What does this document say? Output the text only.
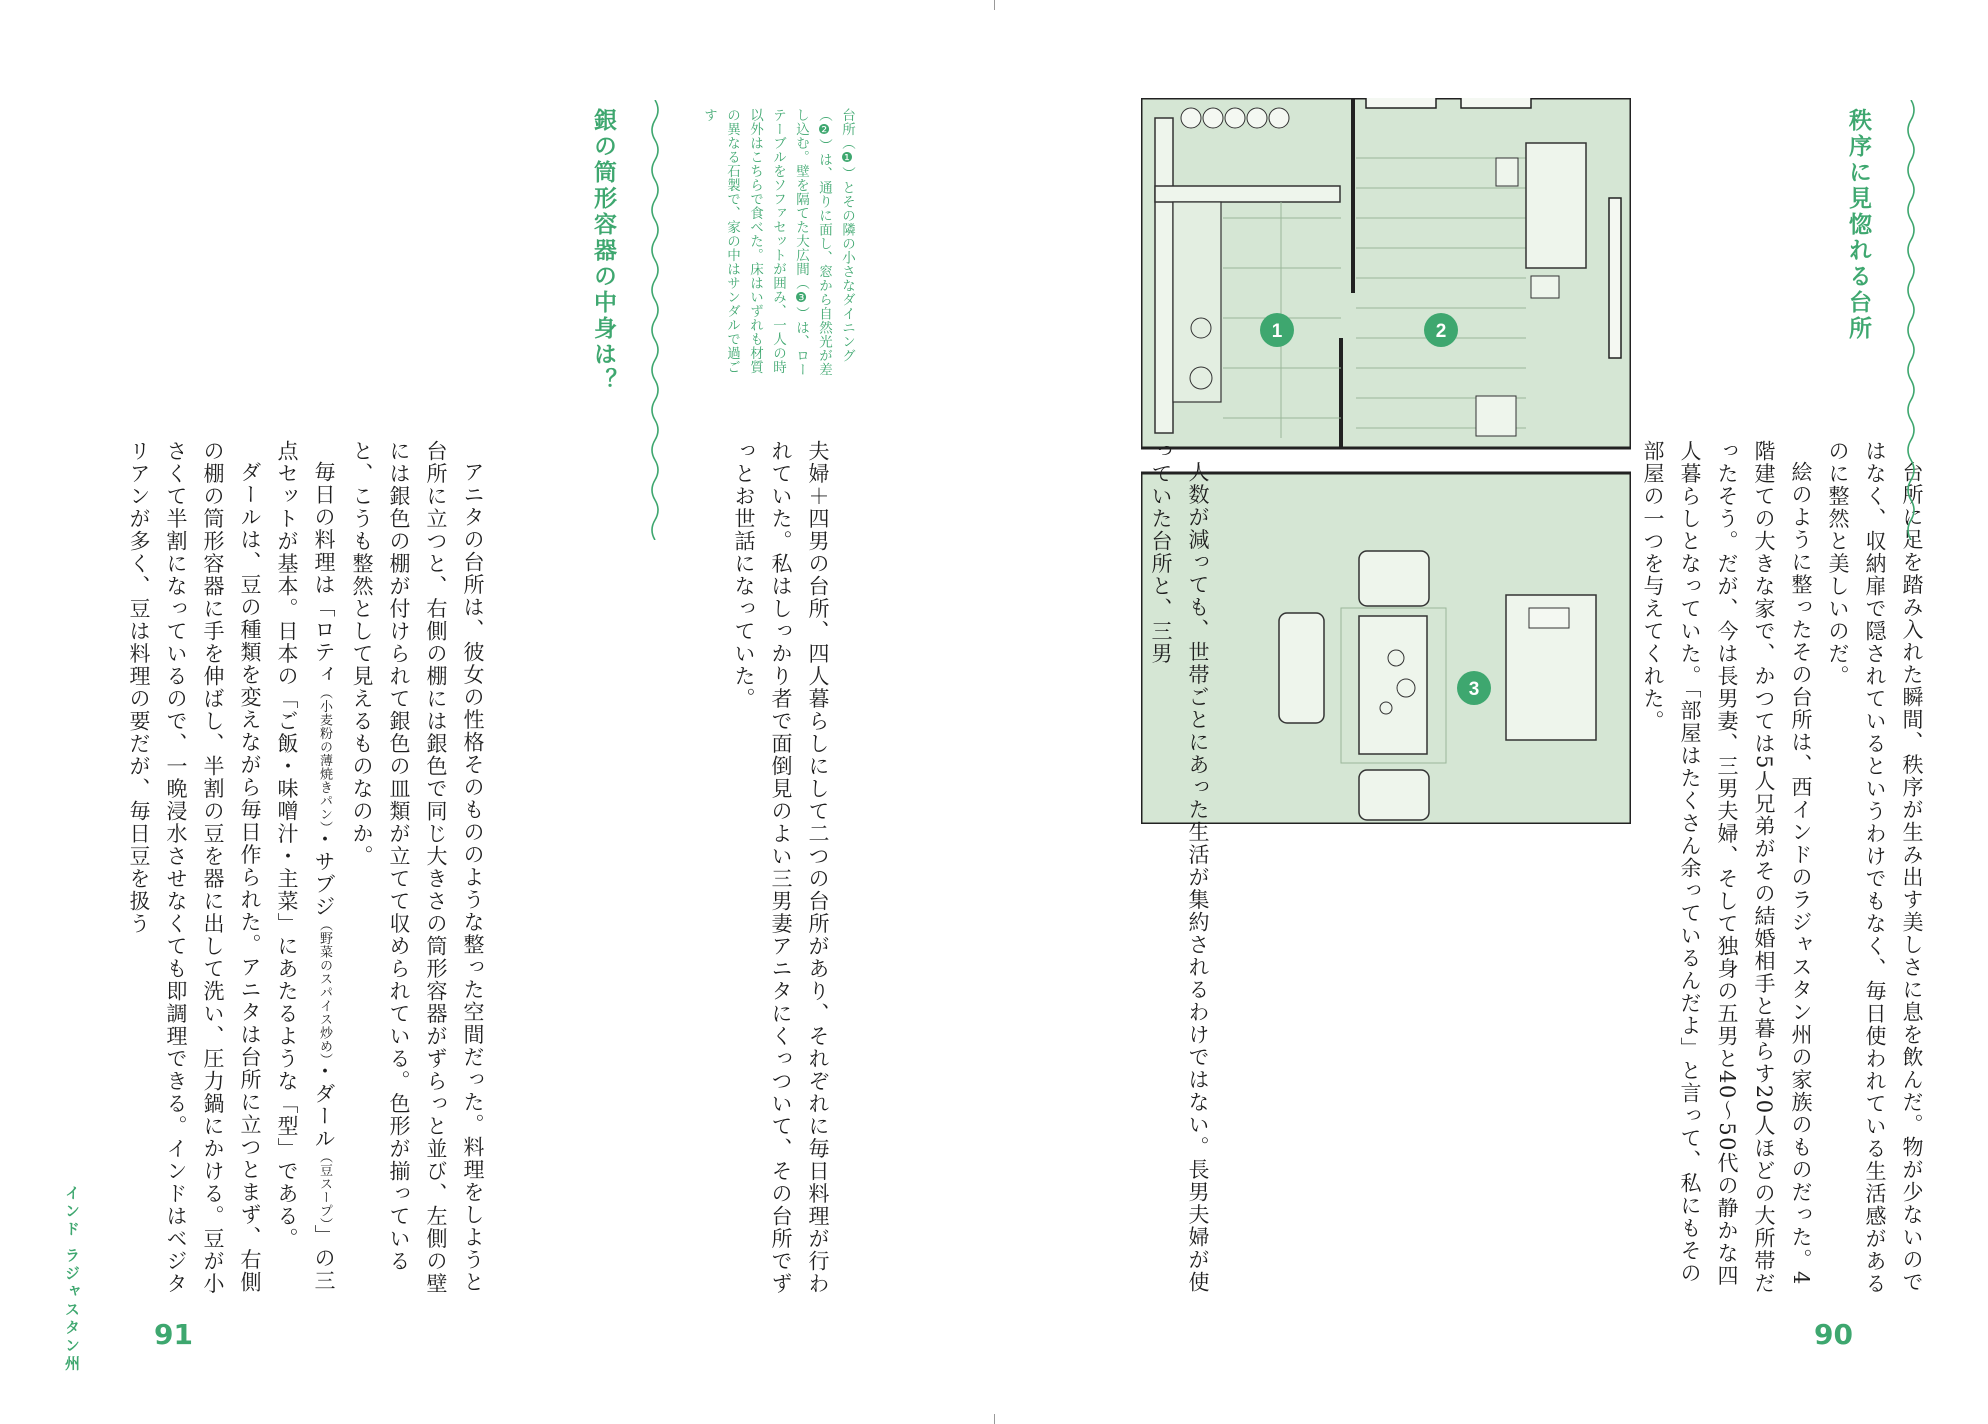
銀の筒形容器の中身は？	台所（❶）とその隣の小さなダイニング（❷）は、通りに面し、窓から自然光が差し込む。壁を隔てた大広間（❸）は、ローテーブルをソファセットが囲み、一人の時以外はこちらで食べた。床はいずれも材質の異なる石製で、家の中はサンダルで過ごす

夫婦＋四男の台所、四人暮らしにして二つの台所があり、それぞれに毎日料理が行われていた。私はしっかり者で面倒見のよい三男妻アニタにくっついて、その台所でずっとお世話になっていた。

アニタの台所は、彼女の性格そのもののような整った空間だった。料理をしようと台所に立つと、右側の棚には銀色で同じ大きさの筒形容器がずらっと並び、左側の壁には銀色の棚が付けられて銀色の皿類が立てて収められている。色形が揃っていると、こうも整然として見えるものなのか。

毎日の料理は「ロティ（小麦粉の薄焼きパン）・サブジ（野菜のスパイス炒め）・ダール（豆スープ）」の三点セットが基本。日本の「ご飯・味噌汁・主菜」にあたるような「型」である。

ダールは、豆の種類を変えながら毎日作られた。アニタは台所に立つとまず、右側の棚の筒形容器に手を伸ばし、半割の豆を器に出して洗い、圧力鍋にかける。豆が小さくて半割になっているので、一晩浸水させなくても即調理できる。インドはベジタリアンが多く、豆は料理の要だが、毎日豆を扱う

インド ラジャスタン州	91
1	2
3

人数が減っても、世帯ごとにあった生活が集約されるわけではない。長男夫婦が使っていた台所と、三男	台所に足を踏み入れた瞬間、秩序が生み出す美しさに息を飲んだ。物が少ないのではなく、収納扉で隠されているというわけでもなく、毎日使われている生活感があるのに整然と美しいのだ。

絵のように整ったその台所は、西インドのラジャスタン州の家族のものだった。4階建ての大きな家で、かつては5人兄弟がその結婚相手と暮らす20人ほどの大所帯だったそう。だが、今は長男妻、三男夫婦、そして独身の五男と40〜50代の静かな四人暮らしとなっていた。「部屋はたくさん余っているんだよ」と言って、私にもその部屋の一つを与えてくれた。

秩序に見惚れる台所
90
